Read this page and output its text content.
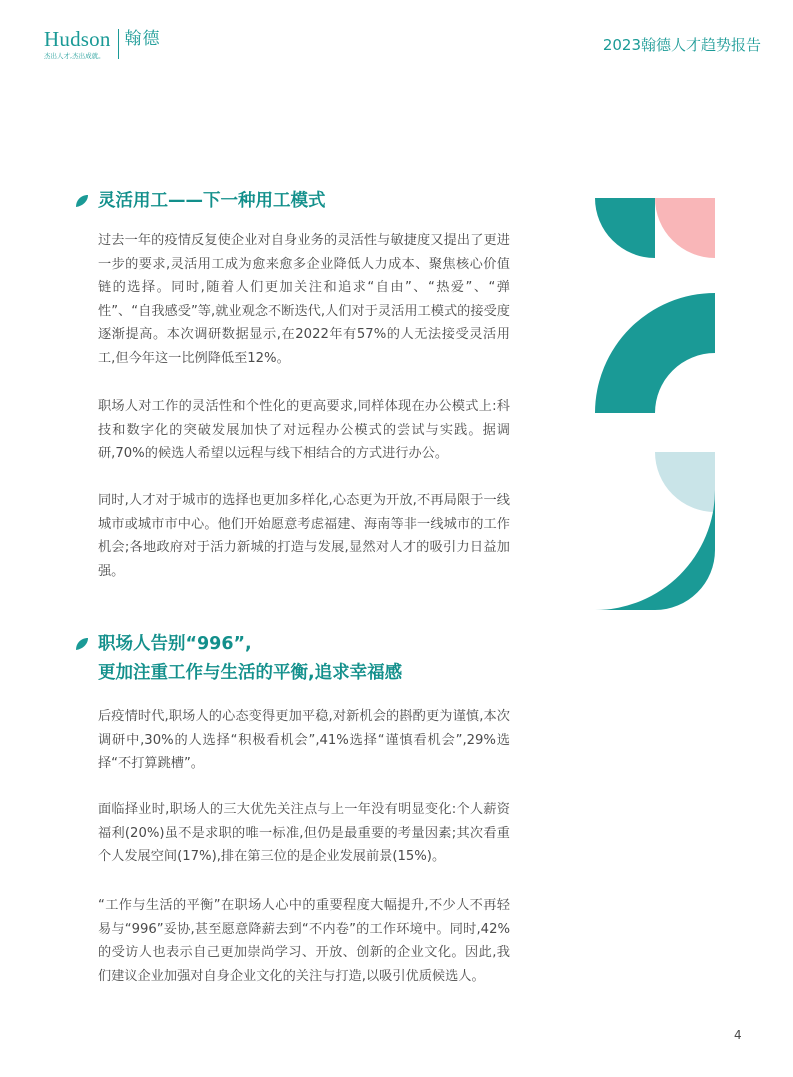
Hudson 翰德
杰出人才,杰出成就。
2023翰德人才趋势报告
灵活用工——下一种用工模式

过去一年的疫情反复使企业对自身业务的灵活性与敏捷度又提出了更进一步的要求,灵活用工成为愈来愈多企业降低人力成本、聚焦核心价值链的选择。同时,随着人们更加关注和追求“自由”、“热爱”、“弹性”、“自我感受”等,就业观念不断迭代,人们对于灵活用工模式的接受度逐渐提高。本次调研数据显示,在2022年有57%的人无法接受灵活用工,但今年这一比例降低至12%。

职场人对工作的灵活性和个性化的更高要求,同样体现在办公模式上:科技和数字化的突破发展加快了对远程办公模式的尝试与实践。据调研,70%的候选人希望以远程与线下相结合的方式进行办公。

同时,人才对于城市的选择也更加多样化,心态更为开放,不再局限于一线城市或城市市中心。他们开始愿意考虑福建、海南等非一线城市的工作机会;各地政府对于活力新城的打造与发展,显然对人才的吸引力日益加强。

职场人告别“996”,
更加注重工作与生活的平衡,追求幸福感

后疫情时代,职场人的心态变得更加平稳,对新机会的斟酌更为谨慎,本次调研中,30%的人选择“积极看机会”,41%选择“谨慎看机会”,29%选择“不打算跳槽”。

面临择业时,职场人的三大优先关注点与上一年没有明显变化:个人薪资福利(20%)虽不是求职的唯一标准,但仍是最重要的考量因素;其次看重个人发展空间(17%),排在第三位的是企业发展前景(15%)。

“工作与生活的平衡”在职场人心中的重要程度大幅提升,不少人不再轻易与“996”妥协,甚至愿意降薪去到“不内卷”的工作环境中。同时,42%的受访人也表示自己更加崇尚学习、开放、创新的企业文化。因此,我们建议企业加强对自身企业文化的关注与打造,以吸引优质候选人。

4
